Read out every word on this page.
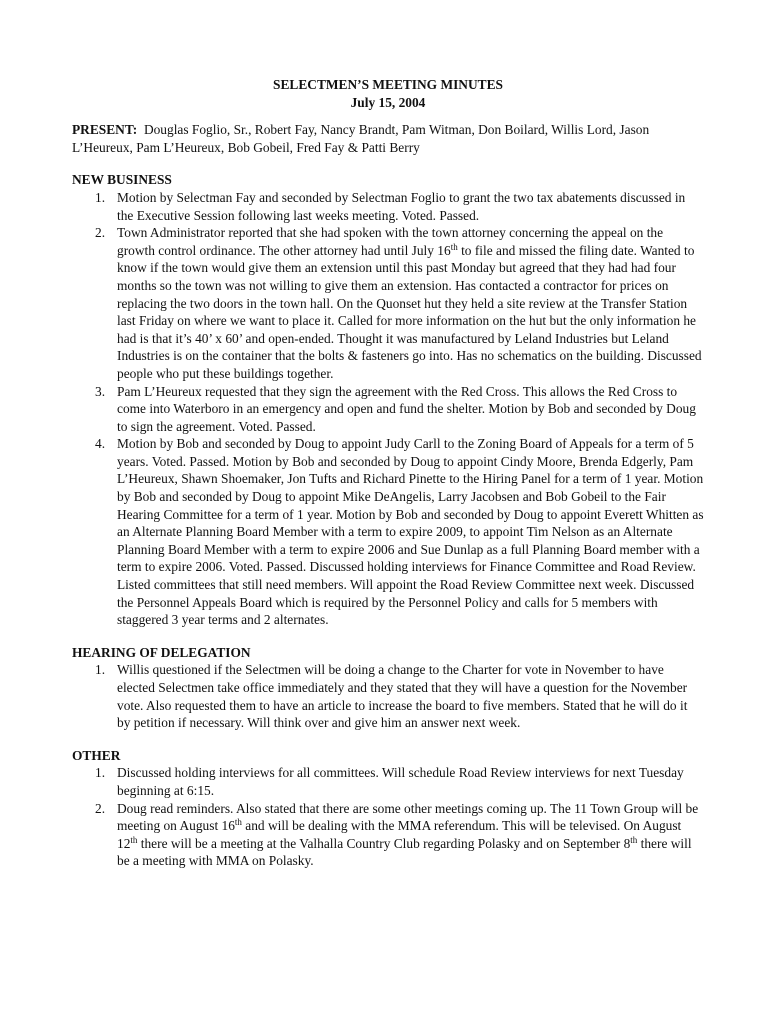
SELECTMEN’S MEETING MINUTES

July 15, 2004

PRESENT: Douglas Foglio, Sr., Robert Fay, Nancy Brandt, Pam Witman, Don Boilard, Willis Lord, Jason L’Heureux, Pam L’Heureux, Bob Gobeil, Fred Fay & Patti Berry

NEW BUSINESS

1. Motion by Selectman Fay and seconded by Selectman Foglio to grant the two tax abatements discussed in the Executive Session following last weeks meeting. Voted. Passed.
2. Town Administrator reported that she had spoken with the town attorney concerning the appeal on the growth control ordinance. The other attorney had until July 16th to file and missed the filing date. Wanted to know if the town would give them an extension until this past Monday but agreed that they had had four months so the town was not willing to give them an extension. Has contacted a contractor for prices on replacing the two doors in the town hall. On the Quonset hut they held a site review at the Transfer Station last Friday on where we want to place it. Called for more information on the hut but the only information he had is that it’s 40’ x 60’ and open-ended. Thought it was manufactured by Leland Industries but Leland Industries is on the container that the bolts & fasteners go into. Has no schematics on the building. Discussed people who put these buildings together.
3. Pam L’Heureux requested that they sign the agreement with the Red Cross. This allows the Red Cross to come into Waterboro in an emergency and open and fund the shelter. Motion by Bob and seconded by Doug to sign the agreement. Voted. Passed.
4. Motion by Bob and seconded by Doug to appoint Judy Carll to the Zoning Board of Appeals for a term of 5 years. Voted. Passed. Motion by Bob and seconded by Doug to appoint Cindy Moore, Brenda Edgerly, Pam L’Heureux, Shawn Shoemaker, Jon Tufts and Richard Pinette to the Hiring Panel for a term of 1 year. Motion by Bob and seconded by Doug to appoint Mike DeAngelis, Larry Jacobsen and Bob Gobeil to the Fair Hearing Committee for a term of 1 year. Motion by Bob and seconded by Doug to appoint Everett Whitten as an Alternate Planning Board Member with a term to expire 2009, to appoint Tim Nelson as an Alternate Planning Board Member with a term to expire 2006 and Sue Dunlap as a full Planning Board member with a term to expire 2006. Voted. Passed. Discussed holding interviews for Finance Committee and Road Review. Listed committees that still need members. Will appoint the Road Review Committee next week. Discussed the Personnel Appeals Board which is required by the Personnel Policy and calls for 5 members with staggered 3 year terms and 2 alternates.

HEARING OF DELEGATION

1. Willis questioned if the Selectmen will be doing a change to the Charter for vote in November to have elected Selectmen take office immediately and they stated that they will have a question for the November vote. Also requested them to have an article to increase the board to five members. Stated that he will do it by petition if necessary. Will think over and give him an answer next week.

OTHER

1. Discussed holding interviews for all committees. Will schedule Road Review interviews for next Tuesday beginning at 6:15.
2. Doug read reminders. Also stated that there are some other meetings coming up. The 11 Town Group will be meeting on August 16th and will be dealing with the MMA referendum. This will be televised. On August 12th there will be a meeting at the Valhalla Country Club regarding Polasky and on September 8th there will be a meeting with MMA on Polasky.
